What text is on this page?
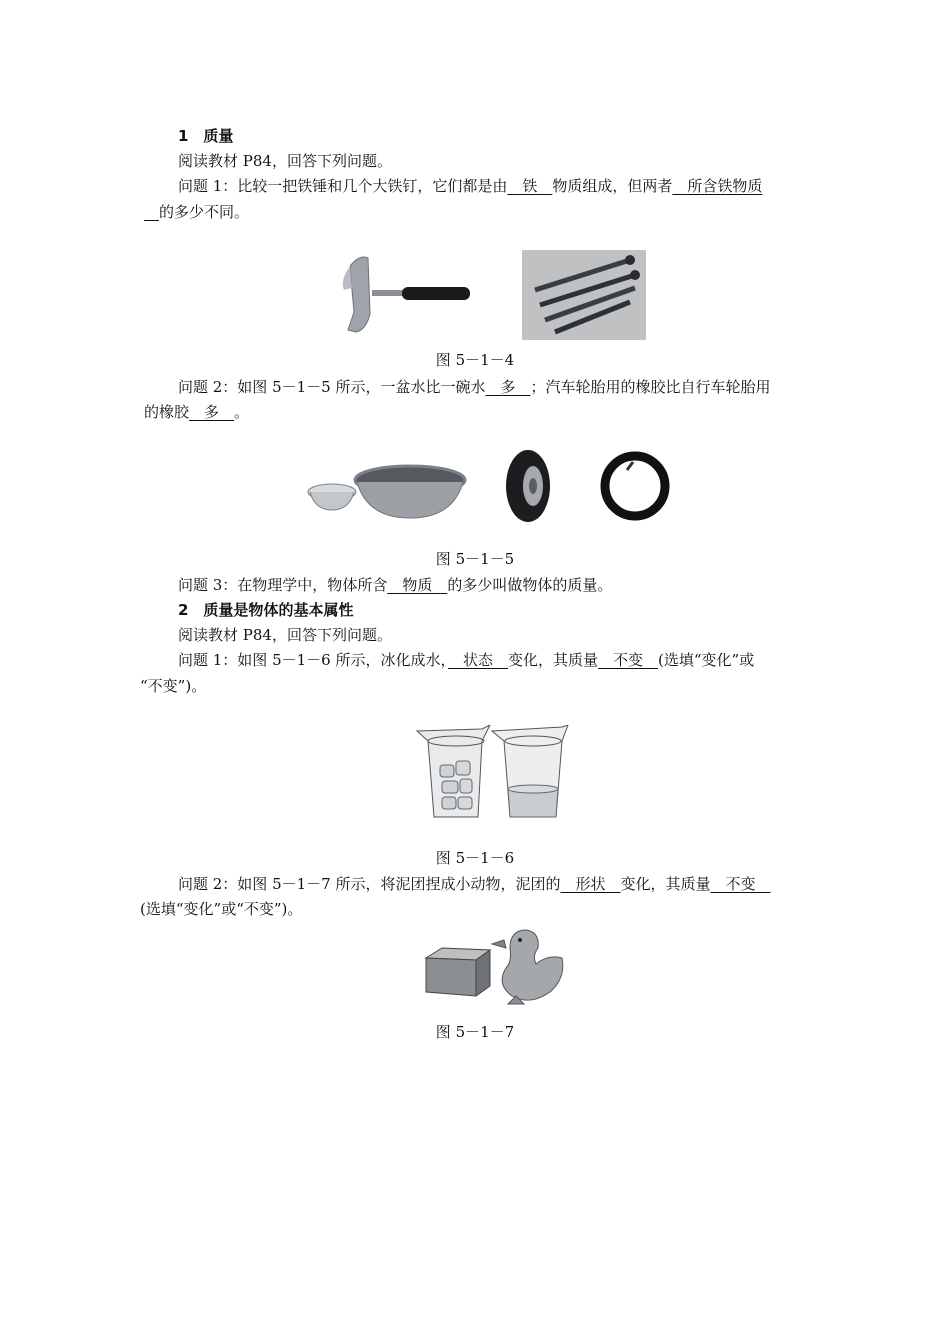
1　质量
阅读教材 P84，回答下列问题。
问题 1：比较一把铁锤和几个大铁钉，它们都是由　铁　物质组成，但两者　所含铁物质
　的多少不同。
图 5－1－4
问题 2：如图 5－1－5 所示，一盆水比一碗水　多　；汽车轮胎用的橡胶比自行车轮胎用
的橡胶　多　。
图 5－1－5
问题 3：在物理学中，物体所含　物质　的多少叫做物体的质量。
2　质量是物体的基本属性
阅读教材 P84，回答下列问题。
问题 1：如图 5－1－6 所示，冰化成水，　状态　变化，其质量　不变　(选填“变化”或
“不变”)。
图 5－1－6
问题 2：如图 5－1－7 所示，将泥团捏成小动物，泥团的　形状　变化，其质量　不变　
(选填“变化”或“不变”)。
图 5－1－7
